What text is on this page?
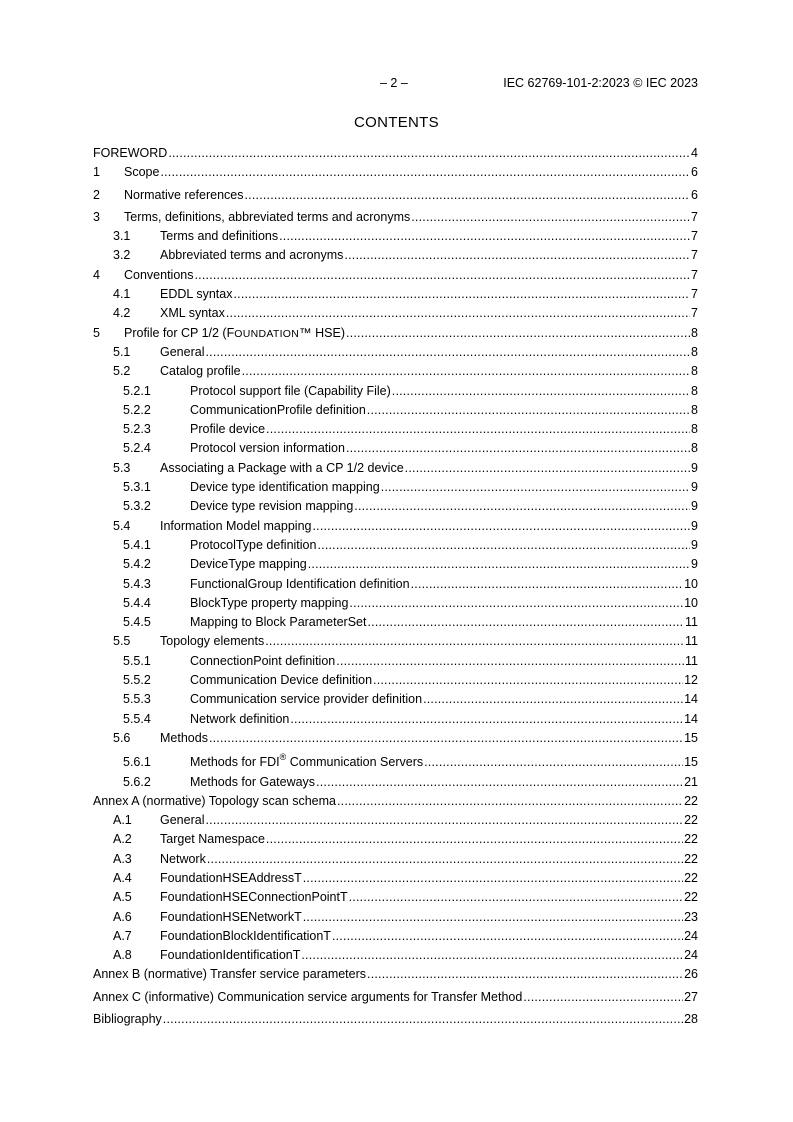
– 2 –	IEC 62769-101-2:2023 © IEC 2023
CONTENTS
FOREWORD .....	4
1	Scope .....	6
2	Normative references .....	6
3	Terms, definitions, abbreviated terms and acronyms .....	7
3.1	Terms and definitions .....	7
3.2	Abbreviated terms and acronyms .....	7
4	Conventions .....	7
4.1	EDDL syntax .....	7
4.2	XML syntax .....	7
5	Profile for CP 1/2 (FOUNDATION™ HSE) .....	8
5.1	General .....	8
5.2	Catalog profile .....	8
5.2.1	Protocol support file (Capability File) .....	8
5.2.2	CommunicationProfile definition .....	8
5.2.3	Profile device .....	8
5.2.4	Protocol version information .....	8
5.3	Associating a Package with a CP 1/2 device .....	9
5.3.1	Device type identification mapping .....	9
5.3.2	Device type revision mapping .....	9
5.4	Information Model mapping .....	9
5.4.1	ProtocolType definition .....	9
5.4.2	DeviceType mapping .....	9
5.4.3	FunctionalGroup Identification definition .....	10
5.4.4	BlockType property mapping .....	10
5.4.5	Mapping to Block ParameterSet .....	11
5.5	Topology elements .....	11
5.5.1	ConnectionPoint definition .....	11
5.5.2	Communication Device definition .....	12
5.5.3	Communication service provider definition .....	14
5.5.4	Network definition .....	14
5.6	Methods .....	15
5.6.1	Methods for FDI® Communication Servers .....	15
5.6.2	Methods for Gateways .....	21
Annex A (normative) Topology scan schema .....	22
A.1	General .....	22
A.2	Target Namespace .....	22
A.3	Network .....	22
A.4	FoundationHSEAddressT .....	22
A.5	FoundationHSEConnectionPointT .....	22
A.6	FoundationHSENetworkT .....	23
A.7	FoundationBlockIdentificationT .....	24
A.8	FoundationIdentificationT .....	24
Annex B (normative) Transfer service parameters .....	26
Annex C (informative) Communication service arguments for Transfer Method .....	27
Bibliography .....	28
